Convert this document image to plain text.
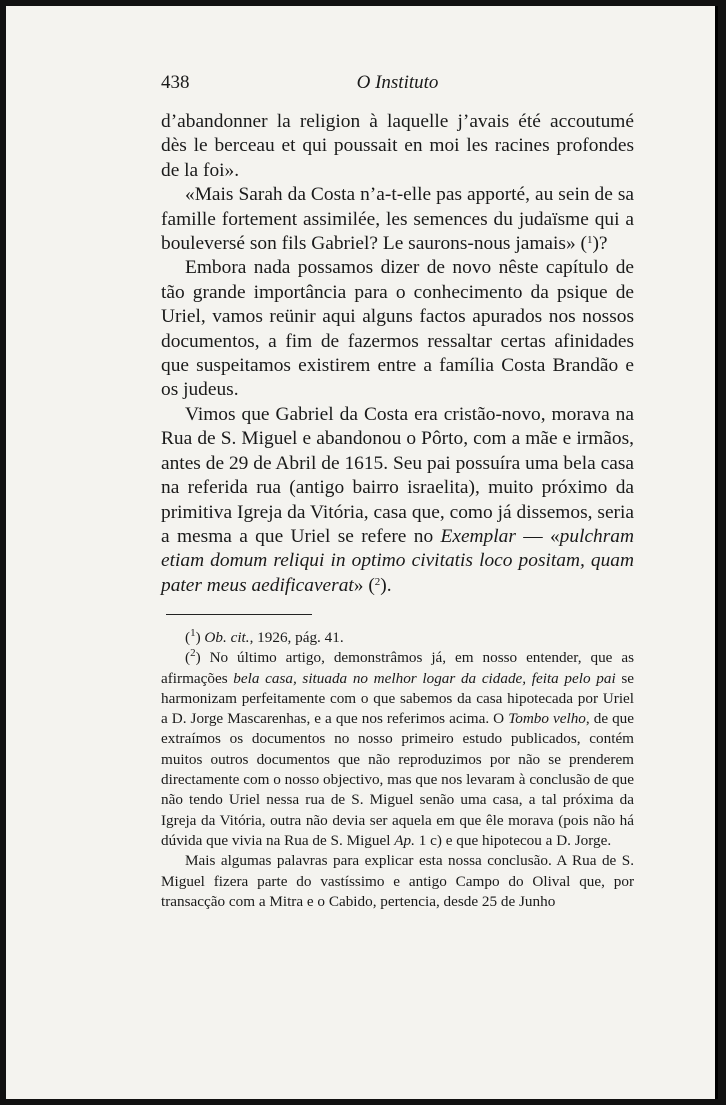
438	O Instituto

d’abandonner la religion à laquelle j’avais été accoutumé dès le berceau et qui poussait en moi les racines profondes de la foi».

«Mais Sarah da Costa n’a-t-elle pas apporté, au sein de sa famille fortement assimilée, les semences du judaïsme qui a bouleversé son fils Gabriel? Le saurons-nous jamais» ($^1$)?

Embora nada possamos dizer de novo nêste capítulo de tão grande importância para o conhecimento da psique de Uriel, vamos reünir aqui alguns factos apurados nos nossos documentos, a fim de fazermos ressaltar certas afinidades que suspeitamos existirem entre a família Costa Brandão e os judeus.

Vimos que Gabriel da Costa era cristão-novo, morava na Rua de S. Miguel e abandonou o Pôrto, com a mãe e irmãos, antes de 29 de Abril de 1615. Seu pai possuíra uma bela casa na referida rua (antigo bairro israelita), muito próximo da primitiva Igreja da Vitória, casa que, como já dissemos, seria a mesma a que Uriel se refere no Exemplar — «pulchram etiam domum reliqui in optimo civitatis loco positam, quam pater meus aedificaverat» ($^2$).

($^1$) Ob. cit., 1926, pág. 41.

($^2$) No último artigo, demonstrâmos já, em nosso entender, que as afirmações bela casa, situada no melhor logar da cidade, feita pelo pai se harmonizam perfeitamente com o que sabemos da casa hipotecada por Uriel a D. Jorge Mascarenhas, e a que nos referimos acima. O Tombo velho, de que extraímos os documentos no nosso primeiro estudo publicados, contém muitos outros documentos que não reproduzimos por não se prenderem directamente com o nosso objectivo, mas que nos levaram à conclusão de que não tendo Uriel nessa rua de S. Miguel senão uma casa, a tal próxima da Igreja da Vitória, outra não devia ser aquela em que êle morava (pois não há dúvida que vivia na Rua de S. Miguel Ap. 1 c) e que hipotecou a D. Jorge.

Mais algumas palavras para explicar esta nossa conclusão. A Rua de S. Miguel fizera parte do vastíssimo e antigo Campo do Olival que, por transacção com a Mitra e o Cabido, pertencia, desde 25 de Junho
